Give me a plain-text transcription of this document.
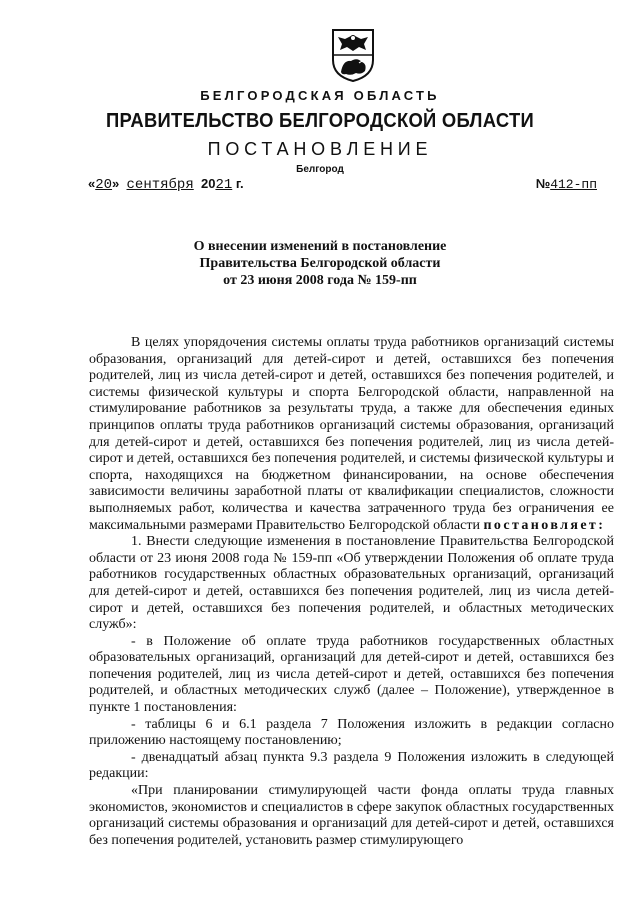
БЕЛГОРОДСКАЯ ОБЛАСТЬ
ПРАВИТЕЛЬСТВО БЕЛГОРОДСКОЙ ОБЛАСТИ
ПОСТАНОВЛЕНИЕ
Белгород
«20» сентября 2021 г.	№412-пп
О внесении изменений в постановление
Правительства Белгородской области
от 23 июня 2008 года № 159-пп

В целях упорядочения системы оплаты труда работников организаций системы образования, организаций для детей-сирот и детей, оставшихся без попечения родителей, лиц из числа детей-сирот и детей, оставшихся без попечения родителей, и системы физической культуры и спорта Белгородской области, направленной на стимулирование работников за результаты труда, а также для обеспечения единых принципов оплаты труда работников организаций системы образования, организаций для детей-сирот и детей, оставшихся без попечения родителей, лиц из числа детей-сирот и детей, оставшихся без попечения родителей, и системы физической культуры и спорта, находящихся на бюджетном финансировании, на основе обеспечения зависимости величины заработной платы от квалификации специалистов, сложности выполняемых работ, количества и качества затраченного труда без ограничения ее максимальными размерами Правительство Белгородской области постановляет:

1. Внести следующие изменения в постановление Правительства Белгородской области от 23 июня 2008 года № 159-пп «Об утверждении Положения об оплате труда работников государственных областных образовательных организаций, организаций для детей-сирот и детей, оставшихся без попечения родителей, лиц из числа детей-сирот и детей, оставшихся без попечения родителей, и областных методических служб»:

- в Положение об оплате труда работников государственных областных образовательных организаций, организаций для детей-сирот и детей, оставшихся без попечения родителей, лиц из числа детей-сирот и детей, оставшихся без попечения родителей, и областных методических служб (далее – Положение), утвержденное в пункте 1 постановления:

- таблицы 6 и 6.1 раздела 7 Положения изложить в редакции согласно приложению настоящему постановлению;

- двенадцатый абзац пункта 9.3 раздела 9 Положения изложить в следующей редакции:

«При планировании стимулирующей части фонда оплаты труда главных экономистов, экономистов и специалистов в сфере закупок областных государственных организаций системы образования и организаций для детей-сирот и детей, оставшихся без попечения родителей, установить размер стимулирующего
